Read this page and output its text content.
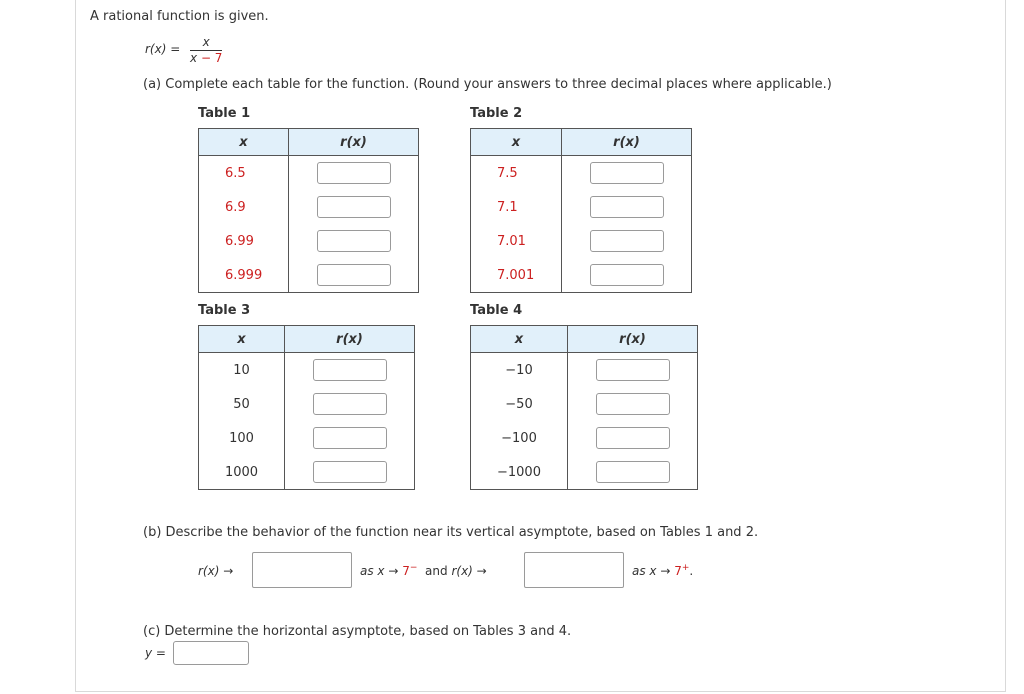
A rational function is given.
$r(x) = \frac{x}{x - 7}$
(a) Complete each table for the function. (Round your answers to three decimal places where applicable.)
Table 1
x	r(x)
6.5	
6.9	
6.99	
6.999	
Table 2
x	r(x)
7.5	
7.1	
7.01	
7.001	
Table 3
x	r(x)
10	
50	
100	
1000	
Table 4
x	r(x)
−10	
−50	
−100	
−1000	
(b) Describe the behavior of the function near its vertical asymptote, based on Tables 1 and 2.
r(x) →	as x → 7− and r(x) →	as x → 7+.
(c) Determine the horizontal asymptote, based on Tables 3 and 4.
y =
